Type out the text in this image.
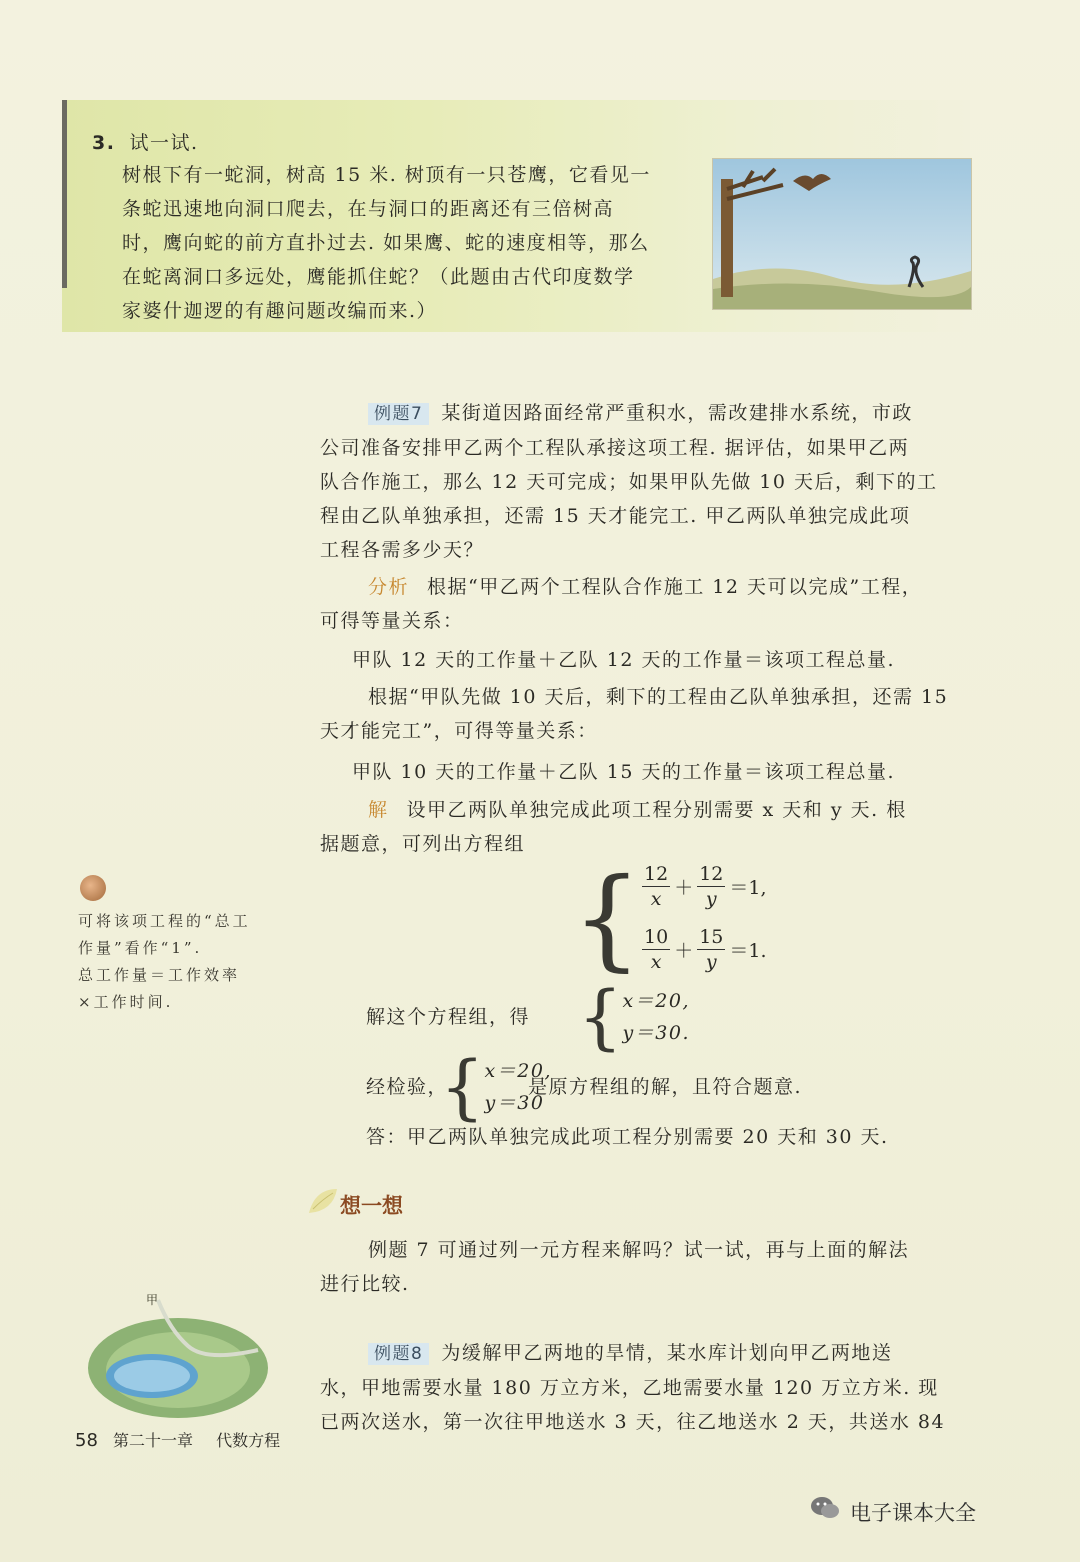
3. 试一试.
树根下有一蛇洞，树高 15 米. 树顶有一只苍鹰，它看见一
条蛇迅速地向洞口爬去，在与洞口的距离还有三倍树高
时，鹰向蛇的前方直扑过去. 如果鹰、蛇的速度相等，那么
在蛇离洞口多远处，鹰能抓住蛇？（此题由古代印度数学
家婆什迦逻的有趣问题改编而来.）
例题7 某街道因路面经常严重积水，需改建排水系统，市政
公司准备安排甲乙两个工程队承接这项工程. 据评估，如果甲乙两
队合作施工，那么 12 天可完成；如果甲队先做 10 天后，剩下的工
程由乙队单独承担，还需 15 天才能完工. 甲乙两队单独完成此项
工程各需多少天？
分析 根据“甲乙两个工程队合作施工 12 天可以完成”工程，
可得等量关系：
甲队 12 天的工作量＋乙队 12 天的工作量＝该项工程总量.
根据“甲队先做 10 天后，剩下的工程由乙队单独承担，还需 15
天才能完工”，可得等量关系：
甲队 10 天的工作量＋乙队 15 天的工作量＝该项工程总量.
解 设甲乙两队单独完成此项工程分别需要 x 天和 y 天. 根
据题意，可列出方程组
{ $\frac{12}{x} + \frac{12}{y} =1$,
$\frac{10}{x} + \frac{15}{y} =1$.
解这个方程组，得 { x＝20,
y＝30.
经检验，
{ x＝20,
y＝30
是原方程组的解，且符合题意.
答：甲乙两队单独完成此项工程分别需要 20 天和 30 天.
可将该项工程的“总工
作量”看作“1”.
总工作量＝工作效率
×工作时间.
想一想
例题 7 可通过列一元方程来解吗？试一试，再与上面的解法
进行比较.
甲
例题8 为缓解甲乙两地的旱情，某水库计划向甲乙两地送
水，甲地需要水量 180 万立方米，乙地需要水量 120 万立方米. 现
已两次送水，第一次往甲地送水 3 天，往乙地送水 2 天，共送水 84
58 第二十一章 代数方程
电子课本大全
